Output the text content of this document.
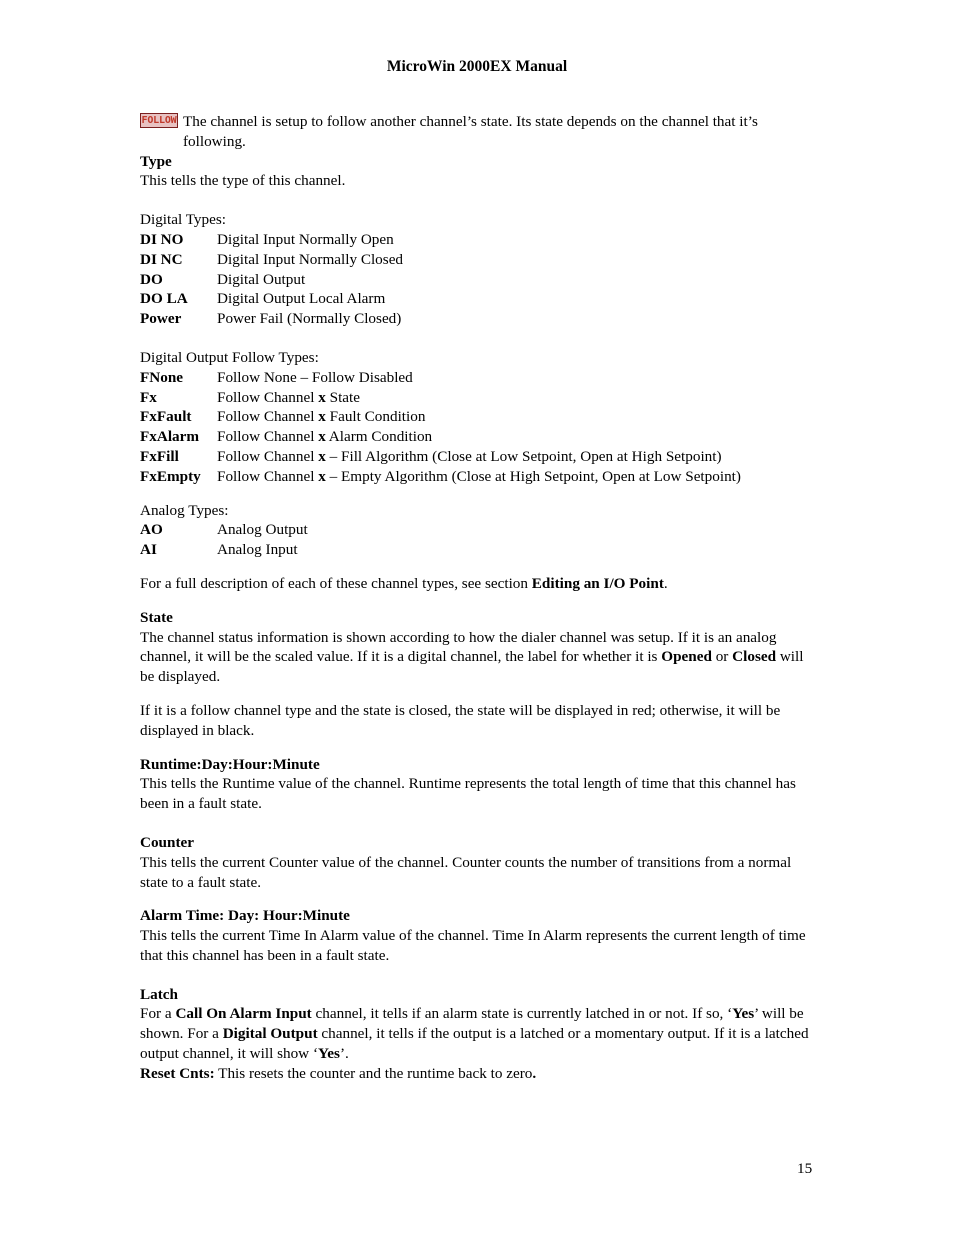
MicroWin 2000EX Manual
FOLLOW The channel is setup to follow another channel’s state. Its state depends on the channel that it’s following.

Type

This tells the type of this channel.

Digital Types:

DI NO	Digital Input Normally Open
DI NC	Digital Input Normally Closed
DO	Digital Output
DO LA	Digital Output Local Alarm
Power	Power Fail (Normally Closed)

Digital Output Follow Types:

FNone	Follow None – Follow Disabled
Fx	Follow Channel x State
FxFault	Follow Channel x Fault Condition
FxAlarm	Follow Channel x Alarm Condition
FxFill	Follow Channel x – Fill Algorithm (Close at Low Setpoint, Open at High Setpoint)
FxEmpty	Follow Channel x – Empty Algorithm (Close at High Setpoint, Open at Low Setpoint)

Analog Types:

AO	Analog Output
AI	Analog Input

For a full description of each of these channel types, see section Editing an I/O Point.

State

The channel status information is shown according to how the dialer channel was setup. If it is an analog channel, it will be the scaled value. If it is a digital channel, the label for whether it is Opened or Closed will be displayed.

If it is a follow channel type and the state is closed, the state will be displayed in red; otherwise, it will be displayed in black.

Runtime:Day:Hour:Minute

This tells the Runtime value of the channel. Runtime represents the total length of time that this channel has been in a fault state.

Counter

This tells the current Counter value of the channel. Counter counts the number of transitions from a normal state to a fault state.

Alarm Time: Day: Hour:Minute

This tells the current Time In Alarm value of the channel. Time In Alarm represents the current length of time that this channel has been in a fault state.

Latch

For a Call On Alarm Input channel, it tells if an alarm state is currently latched in or not. If so, ‘Yes’ will be shown. For a Digital Output channel, it tells if the output is a latched or a momentary output. If it is a latched output channel, it will show ‘Yes’.

Reset Cnts: This resets the counter and the runtime back to zero.

15
